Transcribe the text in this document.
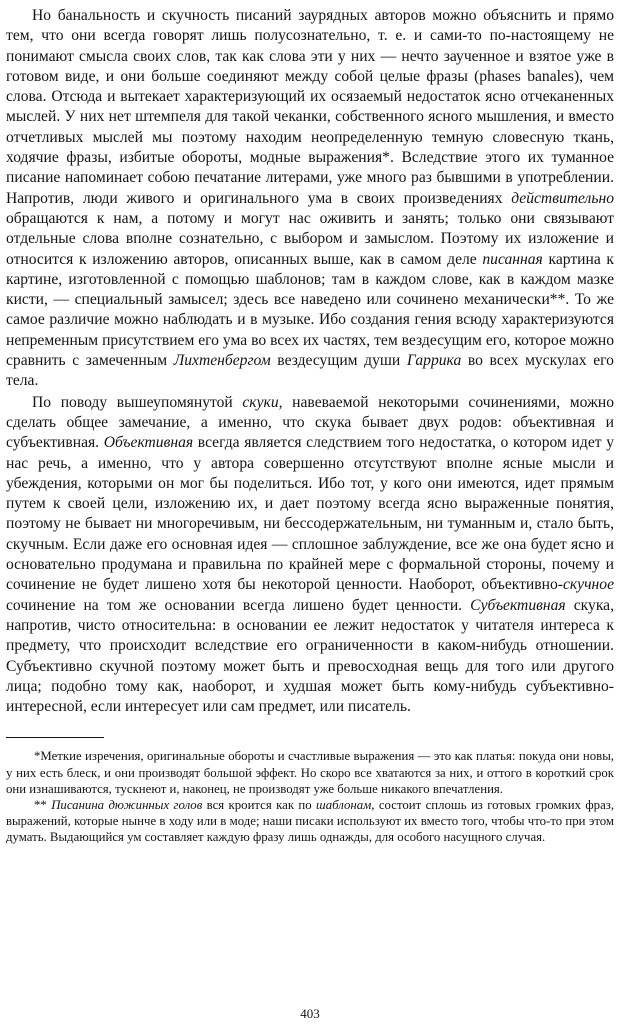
Но банальность и скучность писаний заурядных авторов можно объяснить и прямо тем, что они всегда говорят лишь полусознательно, т. е. и сами-то по-настоящему не понимают смысла своих слов, так как слова эти у них — нечто заученное и взятое уже в готовом виде, и они больше соединяют между собой целые фразы (phases banales), чем слова. Отсюда и вытекает характеризующий их осязаемый недостаток ясно отчеканенных мыслей. У них нет штемпеля для такой чеканки, собственного ясного мышления, и вместо отчетливых мыслей мы поэтому находим неопределенную темную словесную ткань, ходячие фразы, избитые обороты, модные выражения*. Вследствие этого их туманное писание напоминает собою печатание литерами, уже много раз бывшими в употреблении. Напротив, люди живого и оригинального ума в своих произведениях действительно обращаются к нам, а потому и могут нас оживить и занять; только они связывают отдельные слова вполне сознательно, с выбором и замыслом. Поэтому их изложение и относится к изложению авторов, описанных выше, как в самом деле писанная картина к картине, изготовленной с помощью шаблонов; там в каждом слове, как в каждом мазке кисти, — специальный замысел; здесь все наведено или сочинено механически**. То же самое различие можно наблюдать и в музыке. Ибо создания гения всюду характеризуются непременным присутствием его ума во всех их частях, тем вездесущим его, которое можно сравнить с замеченным Лихтенбергом вездесущим души Гаррика во всех мускулах его тела.

По поводу вышеупомянутой скуки, навеваемой некоторыми сочинениями, можно сделать общее замечание, а именно, что скука бывает двух родов: объективная и субъективная. Объективная всегда является следствием того недостатка, о котором идет у нас речь, а именно, что у автора совершенно отсутствуют вполне ясные мысли и убеждения, которыми он мог бы поделиться. Ибо тот, у кого они имеются, идет прямым путем к своей цели, изложению их, и дает поэтому всегда ясно выраженные понятия, поэтому не бывает ни многоречивым, ни бессодержательным, ни туманным и, стало быть, скучным. Если даже его основная идея — сплошное заблуждение, все же она будет ясно и основательно продумана и правильна по крайней мере с формальной стороны, почему и сочинение не будет лишено хотя бы некоторой ценности. Наоборот, объективно-скучное сочинение на том же основании всегда лишено будет ценности. Субъективная скука, напротив, чисто относительна: в основании ее лежит недостаток у читателя интереса к предмету, что происходит вследствие его ограниченности в каком-нибудь отношении. Субъективно скучной поэтому может быть и превосходная вещь для того или другого лица; подобно тому как, наоборот, и худшая может быть кому-нибудь субъективно-интересной, если интересует или сам предмет, или писатель.

*Меткие изречения, оригинальные обороты и счастливые выражения — это как платья: покуда они новы, у них есть блеск, и они производят большой эффект. Но скоро все хватаются за них, и оттого в короткий срок они изнашиваются, тускнеют и, наконец, не производят уже больше никакого впечатления.

** Писанина дюжинных голов вся кроится как по шаблонам, состоит сплошь из готовых громких фраз, выражений, которые нынче в ходу или в моде; наши писаки используют их вместо того, чтобы что-то при этом думать. Выдающийся ум составляет каждую фразу лишь однажды, для особого насущного случая.

403
